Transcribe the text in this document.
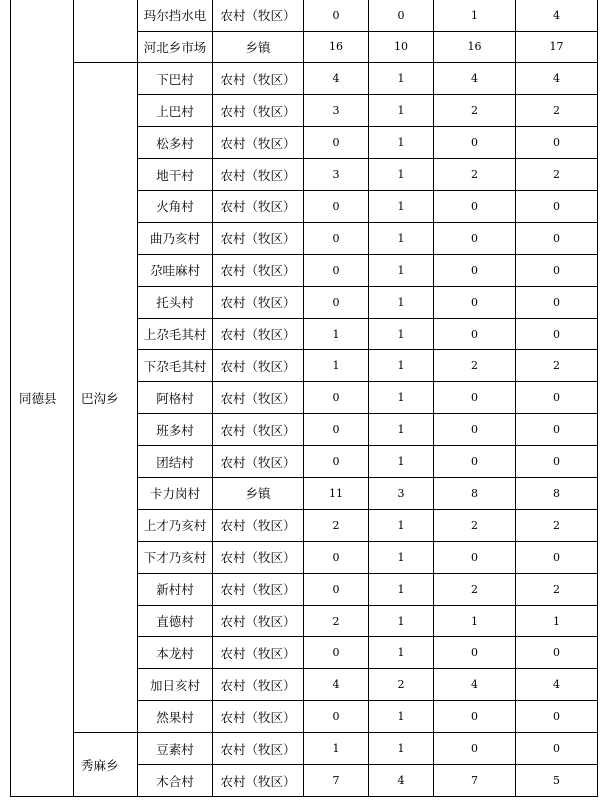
同德县		玛尔挡水电	农村（牧区）	0	0	1	4
		河北乡市场	乡镇	16	10	16	17
	巴沟乡	下巴村	农村（牧区）	4	1	4	4
		上巴村	农村（牧区）	3	1	2	2
		松多村	农村（牧区）	0	1	0	0
		地干村	农村（牧区）	3	1	2	2
		火角村	农村（牧区）	0	1	0	0
		曲乃亥村	农村（牧区）	0	1	0	0
		尕哇麻村	农村（牧区）	0	1	0	0
		托头村	农村（牧区）	0	1	0	0
		上尕毛其村	农村（牧区）	1	1	0	0
		下尕毛其村	农村（牧区）	1	1	2	2
		阿格村	农村（牧区）	0	1	0	0
		班多村	农村（牧区）	0	1	0	0
		团结村	农村（牧区）	0	1	0	0
		卡力岗村	乡镇	11	3	8	8
		上才乃亥村	农村（牧区）	2	1	2	2
		下才乃亥村	农村（牧区）	0	1	0	0
		新村村	农村（牧区）	0	1	2	2
		直德村	农村（牧区）	2	1	1	1
		本龙村	农村（牧区）	0	1	0	0
		加日亥村	农村（牧区）	4	2	4	4
		然果村	农村（牧区）	0	1	0	0
	秀麻乡	豆素村	农村（牧区）	1	1	0	0
		木合村	农村（牧区）	7	4	7	5
